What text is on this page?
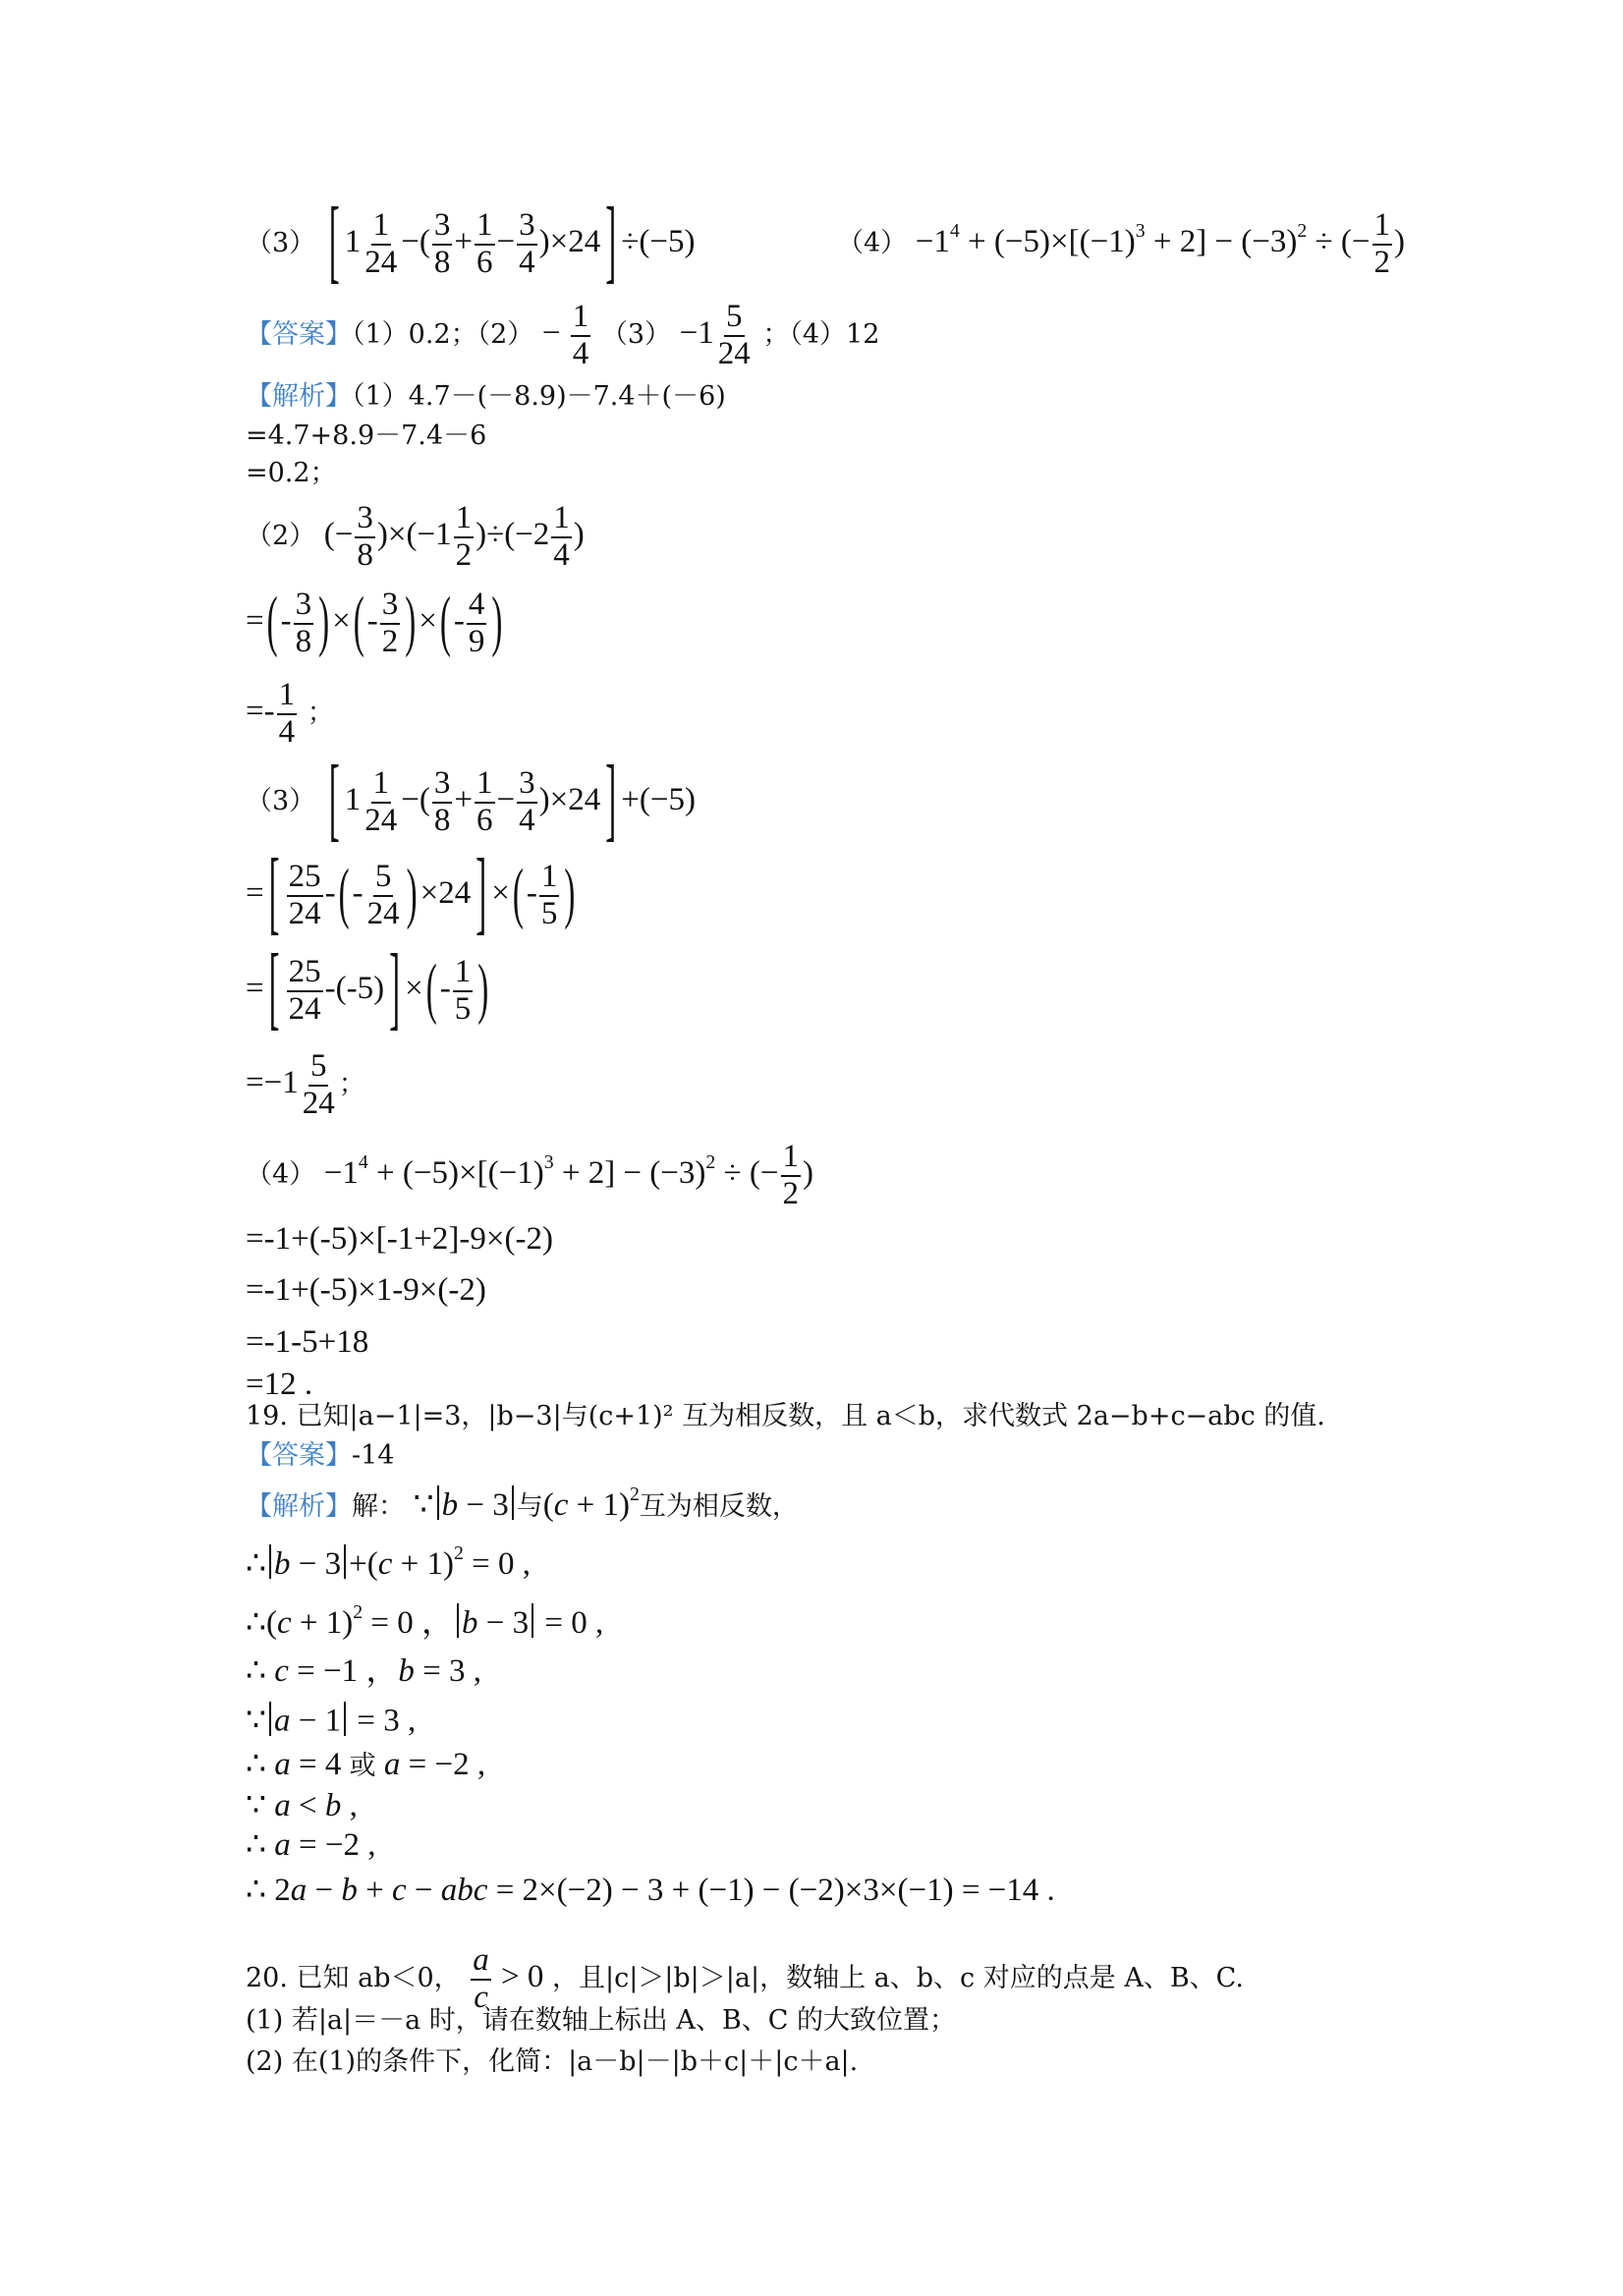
（3） [ $1 \frac{1}{24}$ −( $\frac{3}{8} + \frac{1}{6} - \frac{3}{4} )\times 24$ ] ÷(−5)	$(4) -1^4 + (-5)\times[(-1)^3 + 2] - (-3)^2$ ÷ (− $\frac{1}{2}$ )
【答案】（1）0.2；$(2) - \frac{1}{4} (3) -1 \frac{5}{24}$ ；（4）12
【解析】（1）4.7－(－8.9)－7.4＋(－6)
=4.7+8.9－7.4－6
=0.2；
（2） (− $\frac{3}{8} )\times(-1 \frac{1}{2} )\div(-2 \frac{1}{4}$ )
=(- $\frac{3}{8}$ )×(- $\frac{3}{2}$ )×(- $\frac{4}{9}$ )
=- $\frac{1}{4}$ ；
（3） [ $1 \frac{1}{24}$ −( $\frac{3}{8} + \frac{1}{6} - \frac{3}{4} )\times 24$ ] +(−5)
= [ $\frac{25}{24}$ -(- $\frac{5}{24} )\times 24$ ] ×(- $\frac{1}{5}$ )
= [ $\frac{25}{24} -(-5)$ ] ×(- $\frac{1}{5}$ )
$=-1 \frac{5}{24}$ ；
$(4) -1^4 + (-5)\times[(-1)^3 + 2] - (-3)^2$ ÷ (− $\frac{1}{2}$ )
=-1+(-5)×[-1+2]-9×(-2)
=-1+(-5)×1-9×(-2)
=-1-5+18
=12 .
19. 已知|a−1|=3，|b−3|与(c+1)² 互为相反数，且 a＜b，求代数式 2a−b+c−abc 的值.
【答案】-14
【解析】解： ∵ b − 3 与$(c + 1)^2$互为相反数，
∴ $b - 3 +(c + 1)^2 = 0$ ,
∴(c + 1)$^2$ = 0 ， b − 3 = 0 ,
∴ c = −1 ，b = 3 ,
∵ a − 1 = 3 ,
∴ a = 4 或 a = −2 ,
∵ a < b ,
∴ a = −2 ,
∴ 2a − b + c − abc = 2×(−2) − 3 + (−1) − (−2)×3×(−1) = −14 .
20. 已知 ab＜0， $\frac{a}{c} > 0$ ，且|c|＞|b|＞|a|，数轴上 a、b、c 对应的点是 A、B、C.
(1) 若|a|＝－a 时，请在数轴上标出 A、B、C 的大致位置；
(2) 在(1)的条件下，化简：|a－b|－|b＋c|＋|c＋a|.
